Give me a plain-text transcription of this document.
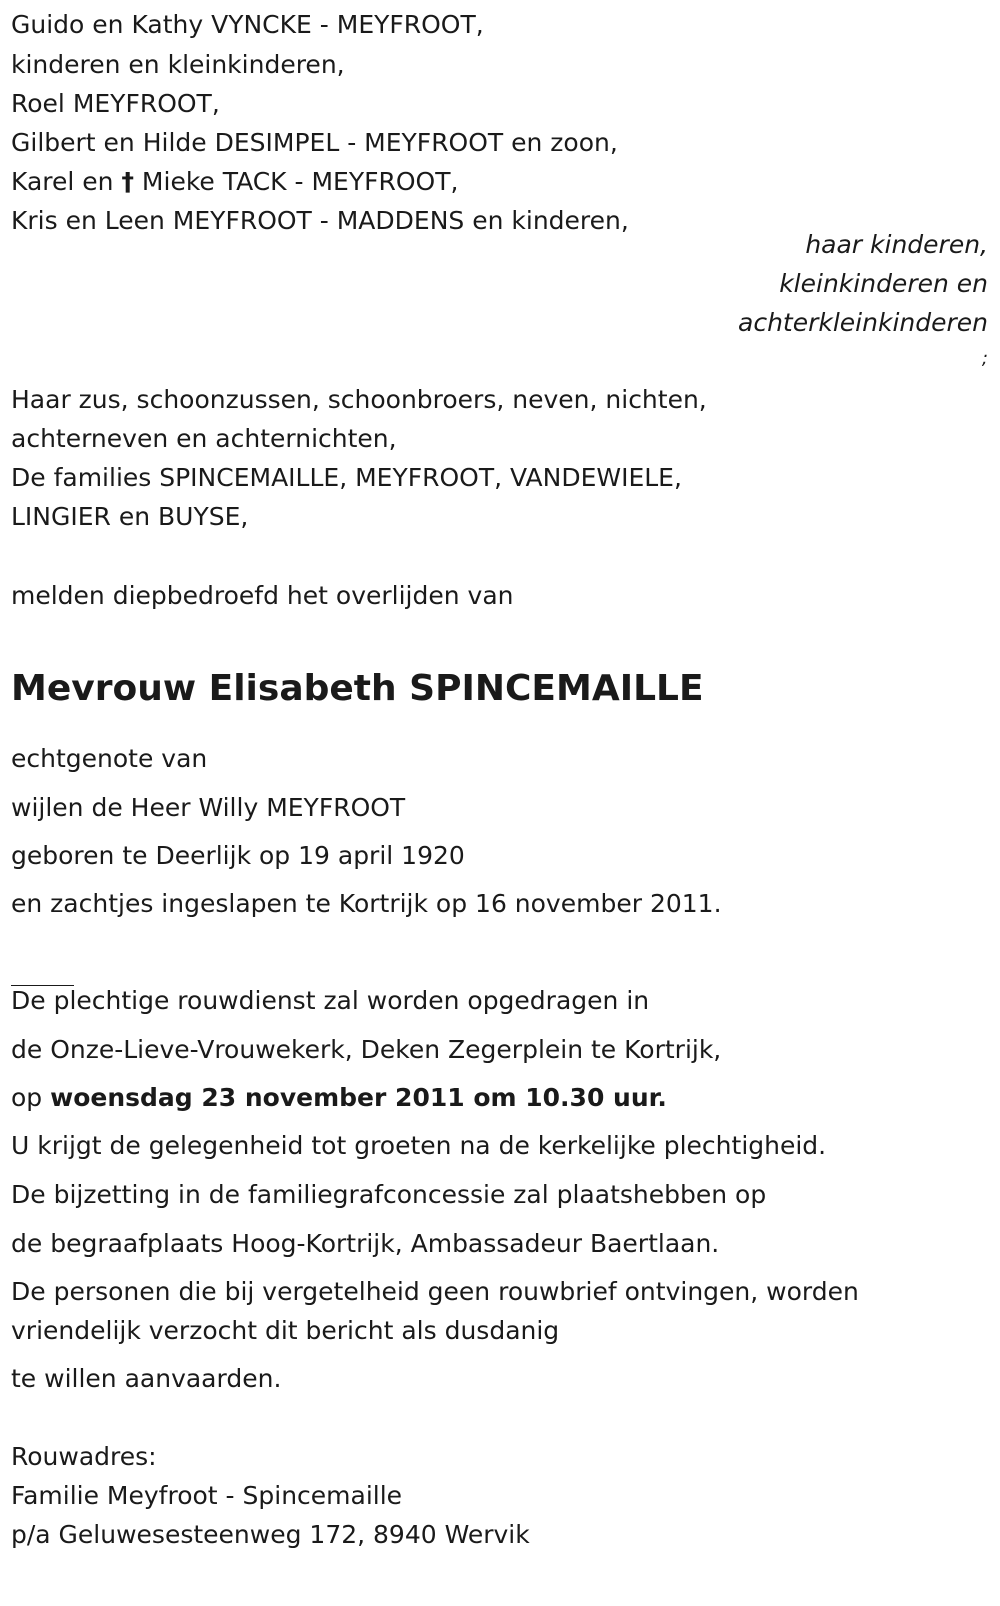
Guido en Kathy VYNCKE - MEYFROOT,
kinderen en kleinkinderen,
Roel MEYFROOT,
Gilbert en Hilde DESIMPEL - MEYFROOT en zoon,
Karel en † Mieke TACK - MEYFROOT,
Kris en Leen MEYFROOT - MADDENS en kinderen,
haar kinderen,
kleinkinderen en
achterkleinkinderen
;
Haar zus, schoonzussen, schoonbroers, neven, nichten,
achterneven en achternichten,
De families SPINCEMAILLE, MEYFROOT, VANDEWIELE,
LINGIER en BUYSE,
melden diepbedroefd het overlijden van
Mevrouw Elisabeth SPINCEMAILLE
echtgenote van
wijlen de Heer Willy MEYFROOT
geboren te Deerlijk op 19 april 1920
en zachtjes ingeslapen te Kortrijk op 16 november 2011.
De plechtige rouwdienst zal worden opgedragen in
de Onze-Lieve-Vrouwekerk, Deken Zegerplein te Kortrijk,
op woensdag 23 november 2011 om 10.30 uur.
U krijgt de gelegenheid tot groeten na de kerkelijke plechtigheid.
De bijzetting in de familiegrafconcessie zal plaatshebben op
de begraafplaats Hoog-Kortrijk, Ambassadeur Baertlaan.
De personen die bij vergetelheid geen rouwbrief ontvingen, worden
vriendelijk verzocht dit bericht als dusdanig
te willen aanvaarden.
Rouwadres:
Familie Meyfroot - Spincemaille
p/a Geluwesesteenweg 172, 8940 Wervik
